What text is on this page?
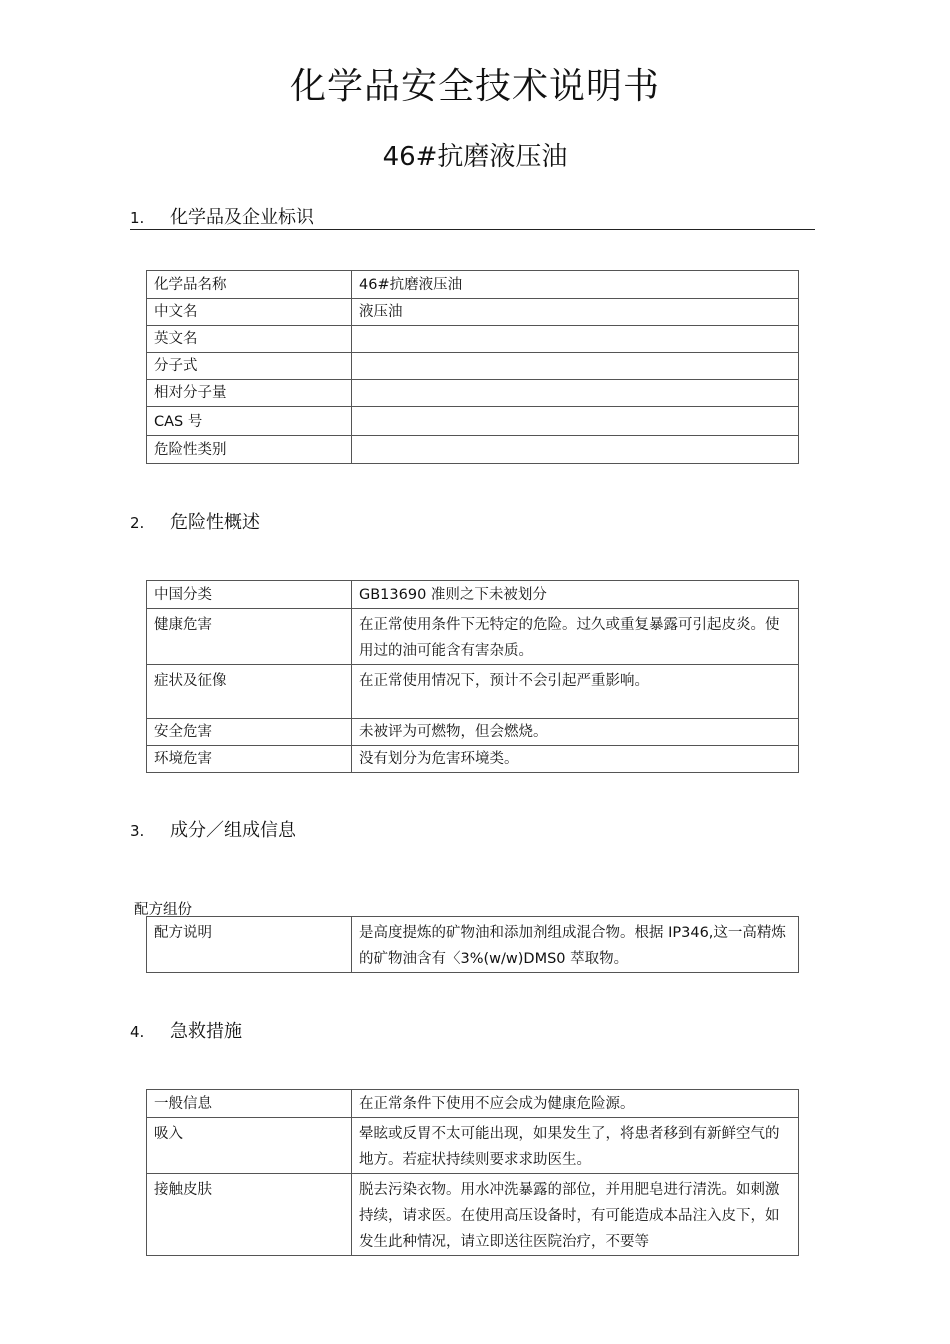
化学品安全技术说明书
46#抗磨液压油
1. 化学品及企业标识
化学品名称	46#抗磨液压油
中文名	液压油
英文名	
分子式	
相对分子量	
CAS 号	
危险性类别	
2. 危险性概述
中国分类	GB13690 准则之下未被划分
健康危害	在正常使用条件下无特定的危险。过久或重复暴露可引起皮炎。使用过的油可能含有害杂质。
症状及征像	在正常使用情况下，预计不会引起严重影响。
安全危害	未被评为可燃物，但会燃烧。
环境危害	没有划分为危害环境类。
3. 成分／组成信息
配方组份
配方说明	是高度提炼的矿物油和添加剂组成混合物。根据 IP346,这一高精炼的矿物油含有〈3%(w/w)DMS0 萃取物。
4. 急救措施
一般信息	在正常条件下使用不应会成为健康危险源。
吸入	晕眩或反胃不太可能出现，如果发生了，将患者移到有新鲜空气的地方。若症状持续则要求求助医生。
接触皮肤	脱去污染衣物。用水冲洗暴露的部位，并用肥皂进行清洗。如刺激持续，请求医。在使用高压设备时，有可能造成本品注入皮下，如发生此种情况，请立即送往医院治疗，不要等
